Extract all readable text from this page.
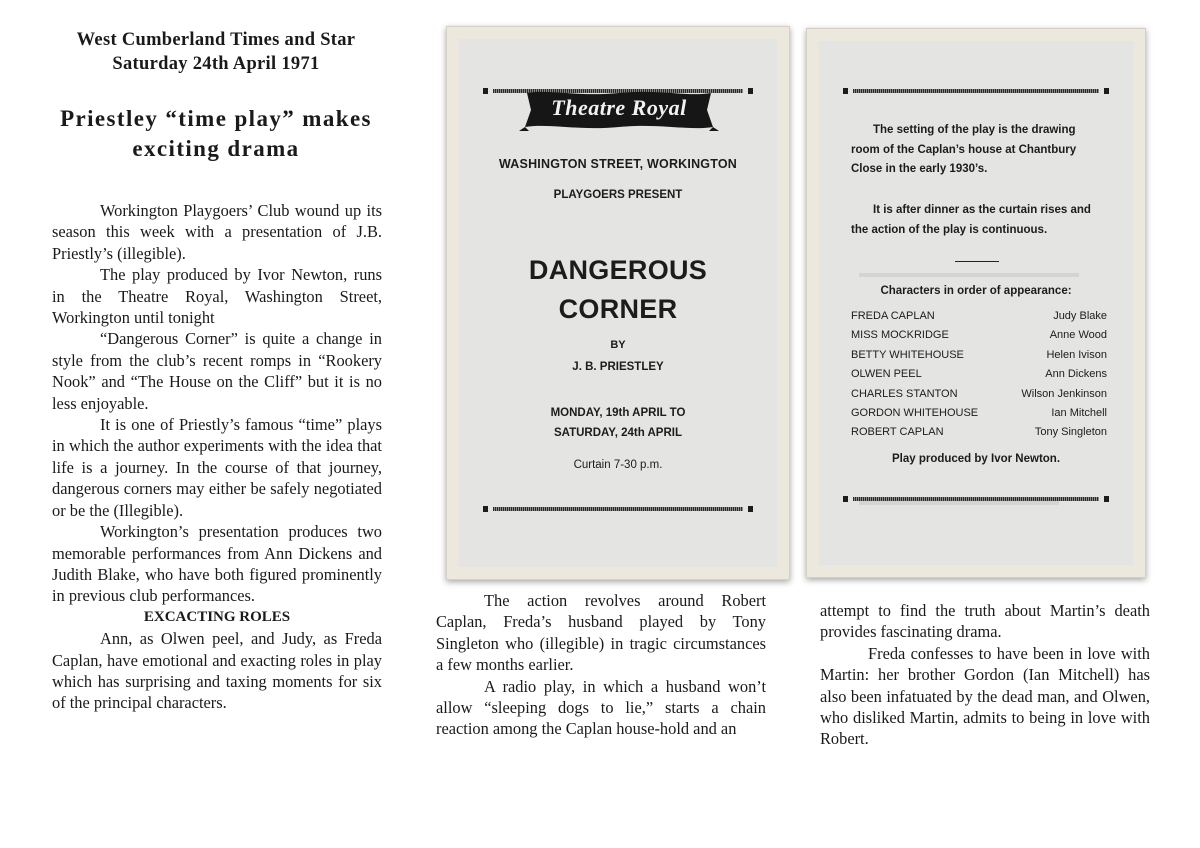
West Cumberland Times and Star
Saturday 24th April 1971
Priestley “time play” makes
exciting drama

Workington Playgoers’ Club wound up its season this week with a presentation of J.B. Priestly’s (illegible).

The play produced by Ivor Newton, runs in the Theatre Royal, Washington Street, Workington until tonight

“Dangerous Corner” is quite a change in style from the club’s recent romps in “Rookery Nook” and “The House on the Cliff” but it is no less enjoyable.

It is one of Priestly’s famous “time” plays in which the author experiments with the idea that life is a journey. In the course of that journey, dangerous corners may either be safely negotiated or be the (Illegible).

Workington’s presentation produces two memorable performances from Ann Dickens and Judith Blake, who have both figured prominently in previous club performances.

EXCACTING ROLES

Ann, as Olwen peel, and Judy, as Freda Caplan, have emotional and exacting roles in play which has surprising and taxing moments for six of the principal characters.

Theatre Royal
WASHINGTON STREET, WORKINGTON
PLAYGOERS PRESENT
DANGEROUS
CORNER
BY
J. B. PRIESTLEY
MONDAY, 19th APRIL TO
SATURDAY, 24th APRIL
Curtain 7-30 p.m.

The setting of the play is the drawing room of the Caplan’s house at Chantbury Close in the early 1930’s.

It is after dinner as the curtain rises and the action of the play is continuous.

Characters in order of appearance:
FREDA CAPLAN	Judy Blake
MISS MOCKRIDGE	Anne Wood
BETTY WHITEHOUSE	Helen Ivison
OLWEN PEEL	Ann Dickens
CHARLES STANTON	Wilson Jenkinson
GORDON WHITEHOUSE	Ian Mitchell
ROBERT CAPLAN	Tony Singleton
Play produced by Ivor Newton.

The action revolves around Robert Caplan, Freda’s husband played by Tony Singleton who (illegible) in tragic circumstances a few months earlier.

A radio play, in which a husband won’t allow “sleeping dogs to lie,” starts a chain reaction among the Caplan house-hold and an

attempt to find the truth about Martin’s death provides fascinating drama.

Freda confesses to have been in love with Martin: her brother Gordon (Ian Mitchell) has also been infatuated by the dead man, and Olwen, who disliked Martin, admits to being in love with Robert.
